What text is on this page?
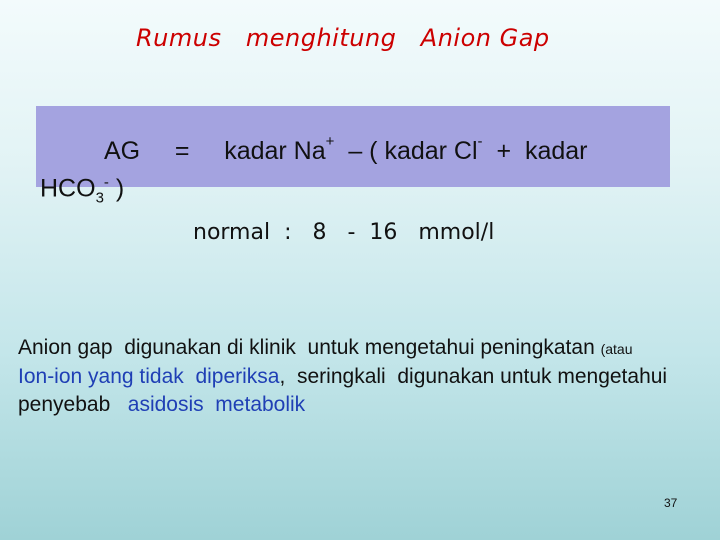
Rumus   menghitung   Anion Gap
AG = kadar Na+ – ( kadar Cl- +  kadar
$HCO_3^-$ )
normal  : 8   -  16   mmol/l
Anion gap  digunakan di klinik  untuk mengetahui peningkatan (atau
Ion-ion yang tidak  diperiksa,  seringkali  digunakan untuk mengetahui
penyebab   asidosis  metabolik
37
